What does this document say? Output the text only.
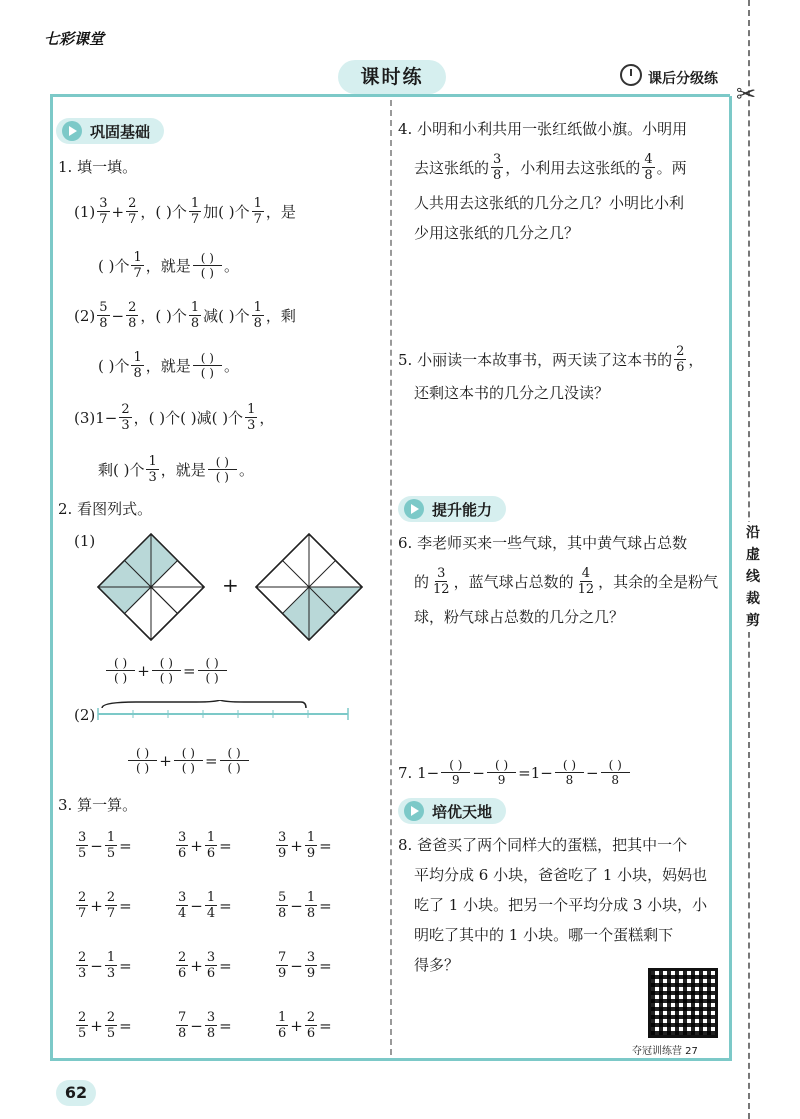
七彩课堂
课时练	课后分级练
✂
沿虚线裁剪
巩固基础
1. 填一填。
$(1) \frac{3}{7} + \frac{2}{7}$ ，( )个 $\frac{1}{7}$ 加( )个 $\frac{1}{7}$ ，是
( )个 $\frac{1}{7}$ ，就是 $\frac{( )}{( )}$ 。
$(2) \frac{5}{8} - \frac{2}{8}$ ，( )个 $\frac{1}{8}$ 减( )个 $\frac{1}{8}$ ，剩
( )个 $\frac{1}{8}$ ，就是 $\frac{( )}{( )}$ 。
$(3)1- \frac{2}{3}$ ，( )个( )减( )个 $\frac{1}{3}$ ，
剩( )个 $\frac{1}{3}$ ，就是 $\frac{( )}{( )}$ 。
2. 看图列式。
(1)
+
$\frac{( )}{( )} + \frac{( )}{( )} = \frac{( )}{( )}$
(2)
$\frac{( )}{( )} + \frac{( )}{( )} = \frac{( )}{( )}$
3. 算一算。
$\frac{3}{5} - \frac{1}{5}$ =	$\frac{3}{6} + \frac{1}{6}$ =	$\frac{3}{9} + \frac{1}{9}$ =
$\frac{2}{7} + \frac{2}{7}$ =	$\frac{3}{4} - \frac{1}{4}$ =	$\frac{5}{8} - \frac{1}{8}$ =
$\frac{2}{3} - \frac{1}{3}$ =	$\frac{2}{6} + \frac{3}{6}$ =	$\frac{7}{9} - \frac{3}{9}$ =
$\frac{2}{5} + \frac{2}{5}$ =	$\frac{7}{8} - \frac{3}{8}$ =	$\frac{1}{6} + \frac{2}{6}$ =
4. 小明和小利共用一张红纸做小旗。小明用
去这张纸的 $\frac{3}{8}$ ，小利用去这张纸的 $\frac{4}{8}$ 。两
人共用去这张纸的几分之几？小明比小利
少用这张纸的几分之几？
5. 小丽读一本故事书，两天读了这本书的 $\frac{2}{6}$ ，
还剩这本书的几分之几没读？
提升能力
6. 李老师买来一些气球，其中黄气球占总数
的 $\frac{3}{12}$ ，蓝气球占总数的 $\frac{4}{12}$ ，其余的全是粉气
球，粉气球占总数的几分之几？
7. $1- \frac{( )}{9} - \frac{( )}{9} =1- \frac{( )}{8} - \frac{( )}{8}$
培优天地
8. 爸爸买了两个同样大的蛋糕，把其中一个
平均分成 6 小块，爸爸吃了 1 小块，妈妈也
吃了 1 小块。把另一个平均分成 3 小块，小
明吃了其中的 1 小块。哪一个蛋糕剩下
得多？
夺冠训练营 27
62
